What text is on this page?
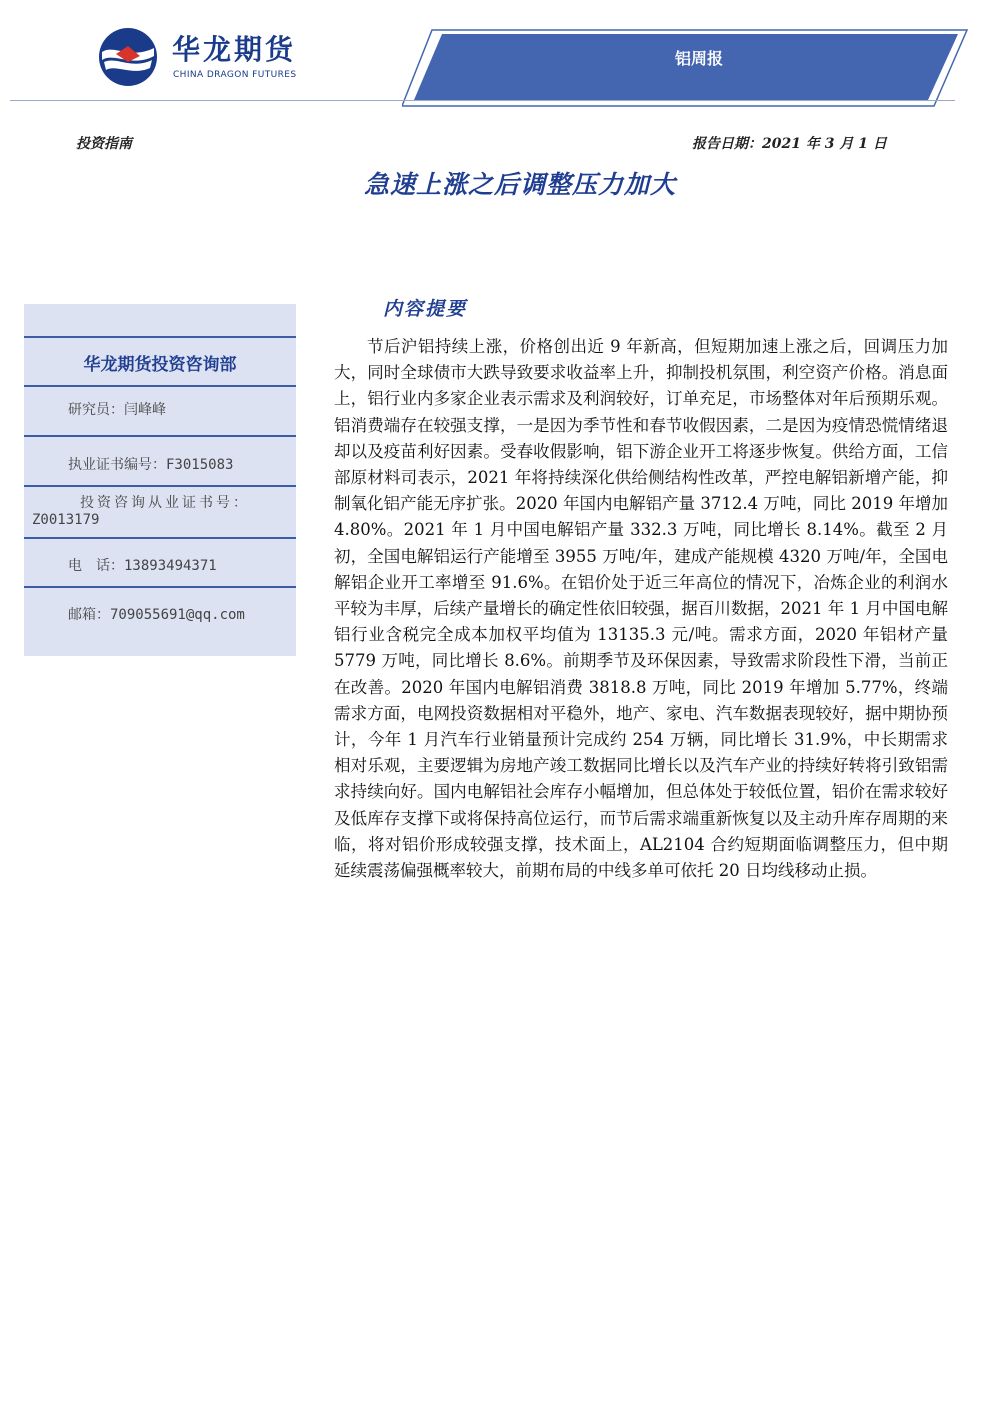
华龙期货
CHINA DRAGON FUTURES
铝周报
投资指南	报告日期：2021 年 3 月 1 日
急速上涨之后调整压力加大
华龙期货投资咨询部
研究员：闫峰峰
执业证书编号：F3015083
投资咨询从业证书号：
Z0013179
电　话：13893494371
邮箱：709055691@qq.com
内容提要
节后沪铝持续上涨，价格创出近 9 年新高，但短期加速上涨之后，回调压力加大，同时全球债市大跌导致要求收益率上升，抑制投机氛围，利空资产价格。消息面上，铝行业内多家企业表示需求及利润较好，订单充足，市场整体对年后预期乐观。铝消费端存在较强支撑，一是因为季节性和春节收假因素，二是因为疫情恐慌情绪退却以及疫苗利好因素。受春收假影响，铝下游企业开工将逐步恢复。供给方面，工信部原材料司表示，2021 年将持续深化供给侧结构性改革，严控电解铝新增产能，抑制氧化铝产能无序扩张。2020 年国内电解铝产量 3712.4 万吨，同比 2019 年增加 4.80%。2021 年 1 月中国电解铝产量 332.3 万吨，同比增长 8.14%。截至 2 月初，全国电解铝运行产能增至 3955 万吨/年，建成产能规模 4320 万吨/年，全国电解铝企业开工率增至 91.6%。在铝价处于近三年高位的情况下，冶炼企业的利润水平较为丰厚，后续产量增长的确定性依旧较强，据百川数据，2021 年 1 月中国电解铝行业含税完全成本加权平均值为 13135.3 元/吨。需求方面，2020 年铝材产量 5779 万吨，同比增长 8.6%。前期季节及环保因素，导致需求阶段性下滑，当前正在改善。2020 年国内电解铝消费 3818.8 万吨，同比 2019 年增加 5.77%，终端需求方面，电网投资数据相对平稳外，地产、家电、汽车数据表现较好，据中期协预计，今年 1 月汽车行业销量预计完成约 254 万辆，同比增长 31.9%，中长期需求相对乐观，主要逻辑为房地产竣工数据同比增长以及汽车产业的持续好转将引致铝需求持续向好。国内电解铝社会库存小幅增加，但总体处于较低位置，铝价在需求较好及低库存支撑下或将保持高位运行，而节后需求端重新恢复以及主动升库存周期的来临，将对铝价形成较强支撑，技术面上，AL2104 合约短期面临调整压力，但中期延续震荡偏强概率较大，前期布局的中线多单可依托 20 日均线移动止损。
